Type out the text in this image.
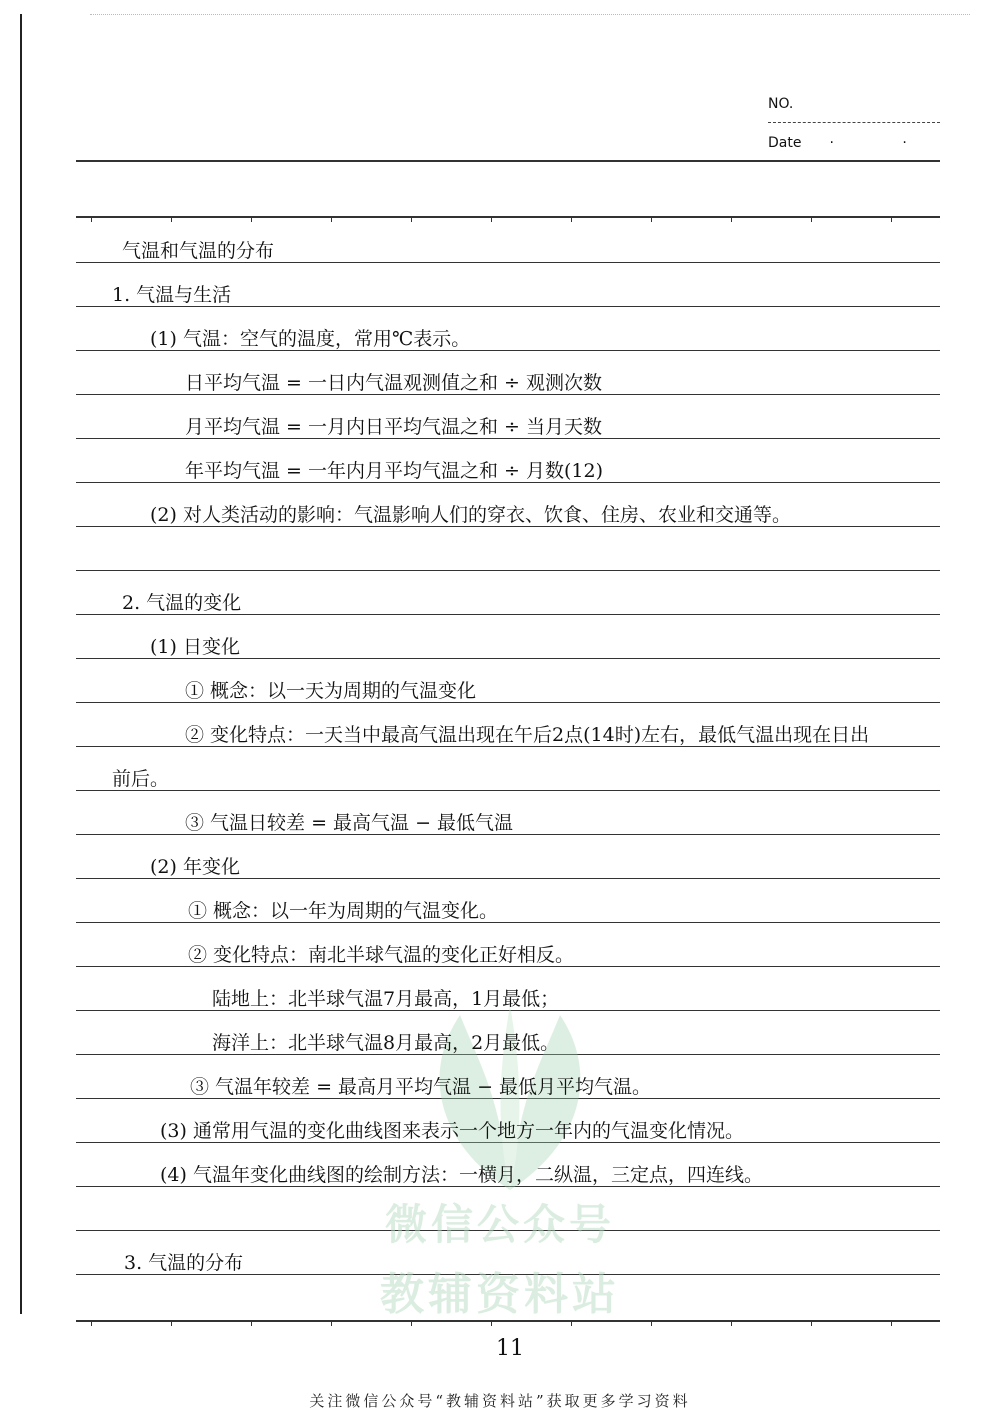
NO.
Date · ·
微信公众号
教辅资料站
气温和气温的分布
1. 气温与生活
(1) 气温：空气的温度，常用℃表示。
日平均气温 = 一日内气温观测值之和 ÷ 观测次数
月平均气温 = 一月内日平均气温之和 ÷ 当月天数
年平均气温 = 一年内月平均气温之和 ÷ 月数(12)
(2) 对人类活动的影响：气温影响人们的穿衣、饮食、住房、农业和交通等。
2. 气温的变化
(1) 日变化
① 概念：以一天为周期的气温变化
② 变化特点：一天当中最高气温出现在午后2点(14时)左右，最低气温出现在日出
前后。
③ 气温日较差 = 最高气温 − 最低气温
(2) 年变化
① 概念：以一年为周期的气温变化。
② 变化特点：南北半球气温的变化正好相反。
陆地上：北半球气温7月最高，1月最低；
海洋上：北半球气温8月最高，2月最低。
③ 气温年较差 = 最高月平均气温 − 最低月平均气温。
(3) 通常用气温的变化曲线图来表示一个地方一年内的气温变化情况。
(4) 气温年变化曲线图的绘制方法：一横月，二纵温，三定点，四连线。
3. 气温的分布
11
关注微信公众号“教辅资料站”获取更多学习资料
